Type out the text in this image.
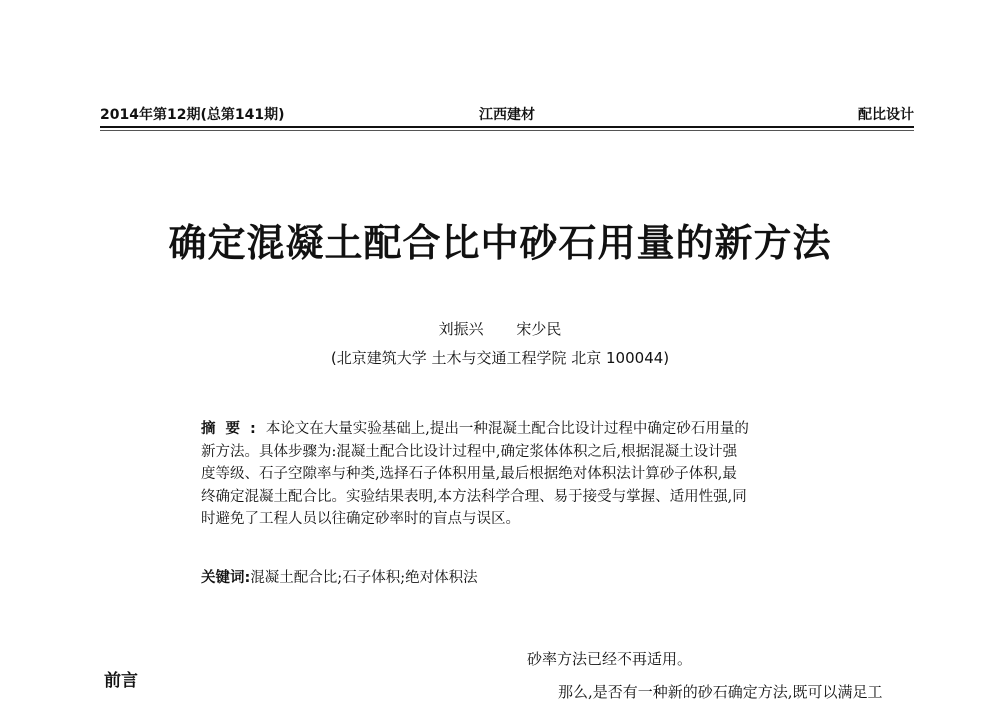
2014年第12期(总第141期)	江西建材	配比设计
确定混凝土配合比中砂石用量的新方法
刘振兴 宋少民
(北京建筑大学 土木与交通工程学院 北京 100044)
摘要:本论文在大量实验基础上,提出一种混凝土配合比设计过程中确定砂石用量的
新方法。具体步骤为:混凝土配合比设计过程中,确定浆体体积之后,根据混凝土设计强
度等级、石子空隙率与种类,选择石子体积用量,最后根据绝对体积法计算砂子体积,最
终确定混凝土配合比。实验结果表明,本方法科学合理、易于接受与掌握、适用性强,同
时避免了工程人员以往确定砂率时的盲点与误区。
关键词:混凝土配合比;石子体积;绝对体积法
前言
砂率方法已经不再适用。
那么,是否有一种新的砂石确定方法,既可以满足工
